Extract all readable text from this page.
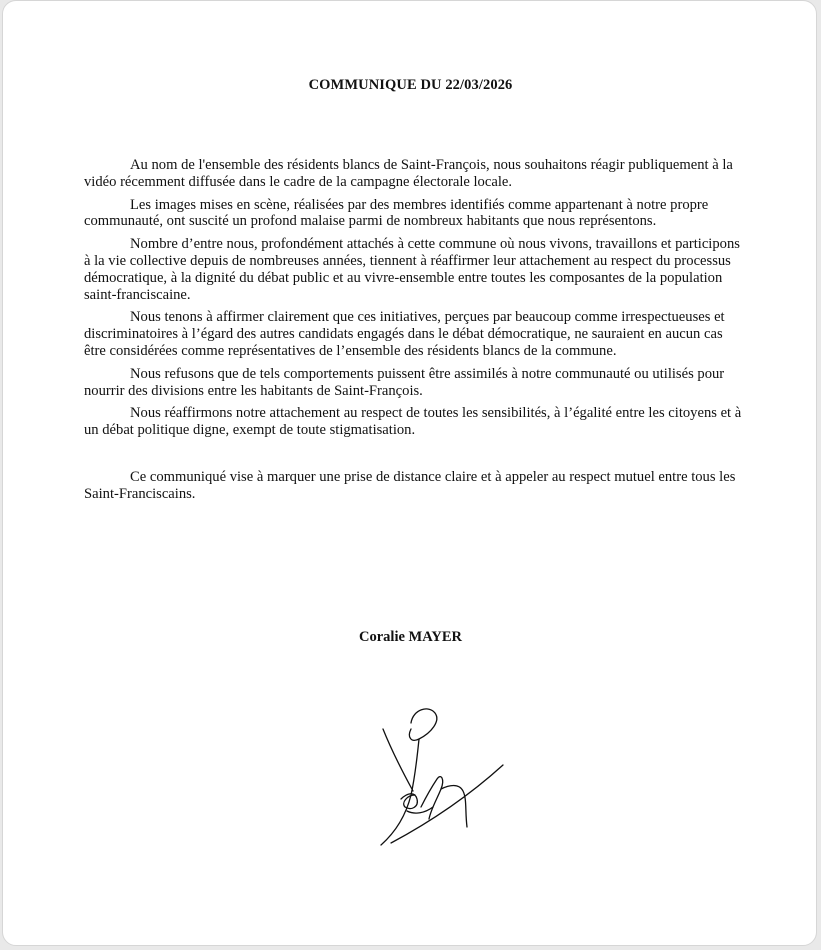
COMMUNIQUE DU 22/03/2026

Au nom de l'ensemble des résidents blancs de Saint-François, nous souhaitons réagir publiquement à la vidéo récemment diffusée dans le cadre de la campagne électorale locale.

Les images mises en scène, réalisées par des membres identifiés comme appartenant à notre propre communauté, ont suscité un profond malaise parmi de nombreux habitants que nous représentons.

Nombre d’entre nous, profondément attachés à cette commune où nous vivons, travaillons et participons à la vie collective depuis de nombreuses années, tiennent à réaffirmer leur attachement au respect du processus démocratique, à la dignité du débat public et au vivre-ensemble entre toutes les composantes de la population saint-franciscaine.

Nous tenons à affirmer clairement que ces initiatives, perçues par beaucoup comme irrespectueuses et discriminatoires à l’égard des autres candidats engagés dans le débat démocratique, ne sauraient en aucun cas être considérées comme représentatives de l’ensemble des résidents blancs de la commune.

Nous refusons que de tels comportements puissent être assimilés à notre communauté ou utilisés pour nourrir des divisions entre les habitants de Saint-François.

Nous réaffirmons notre attachement au respect de toutes les sensibilités, à l’égalité entre les citoyens et à un débat politique digne, exempt de toute stigmatisation.

Ce communiqué vise à marquer une prise de distance claire et à appeler au respect mutuel entre tous les Saint-Franciscains.

Coralie MAYER
